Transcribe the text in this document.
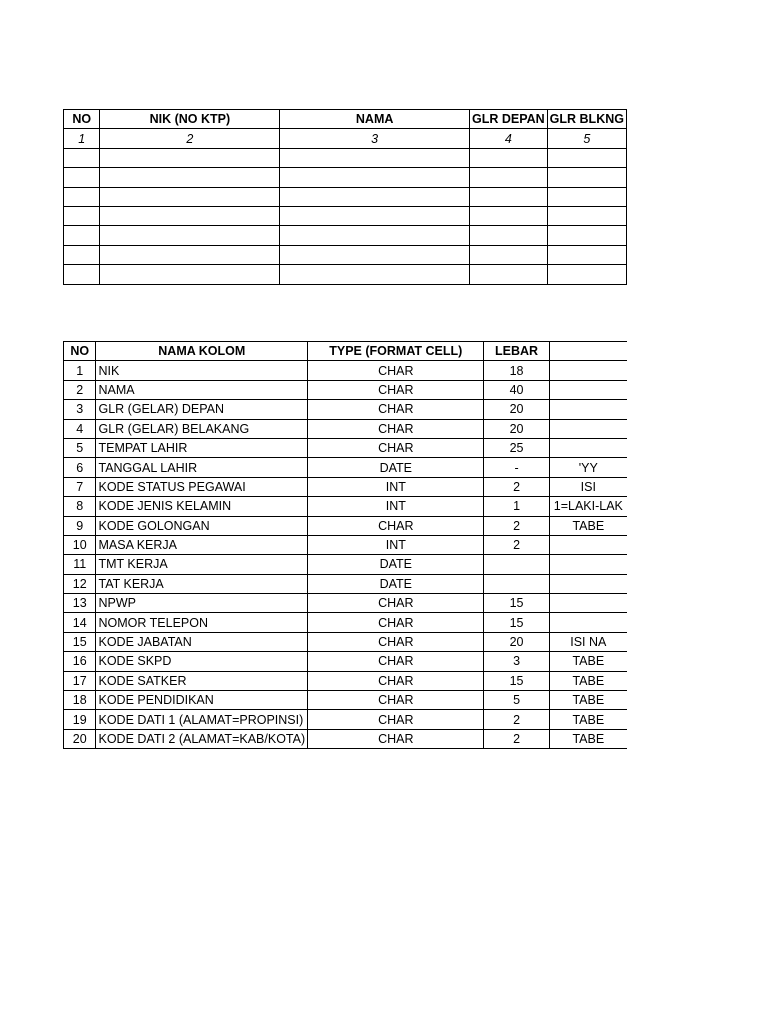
NO	NIK (NO KTP)	NAMA	GLR DEPAN	GLR BLKNG
1	2	3	4	5

NO	NAMA KOLOM	TYPE (FORMAT CELL)	LEBAR	
1	NIK	CHAR	18	
2	NAMA	CHAR	40	
3	GLR (GELAR) DEPAN	CHAR	20	
4	GLR (GELAR) BELAKANG	CHAR	20	
5	TEMPAT LAHIR	CHAR	25	
6	TANGGAL LAHIR	DATE	-	'YY
7	KODE STATUS PEGAWAI	INT	2	ISI
8	KODE JENIS KELAMIN	INT	1	1=LAKI-LAK
9	KODE GOLONGAN	CHAR	2	TABE
10	MASA KERJA	INT	2	
11	TMT KERJA	DATE		
12	TAT KERJA	DATE		
13	NPWP	CHAR	15	
14	NOMOR TELEPON	CHAR	15	
15	KODE JABATAN	CHAR	20	ISI NA
16	KODE SKPD	CHAR	3	TABE
17	KODE SATKER	CHAR	15	TABE
18	KODE PENDIDIKAN	CHAR	5	TABE
19	KODE DATI 1 (ALAMAT=PROPINSI)	CHAR	2	TABE
20	KODE DATI 2 (ALAMAT=KAB/KOTA)	CHAR	2	TABE
